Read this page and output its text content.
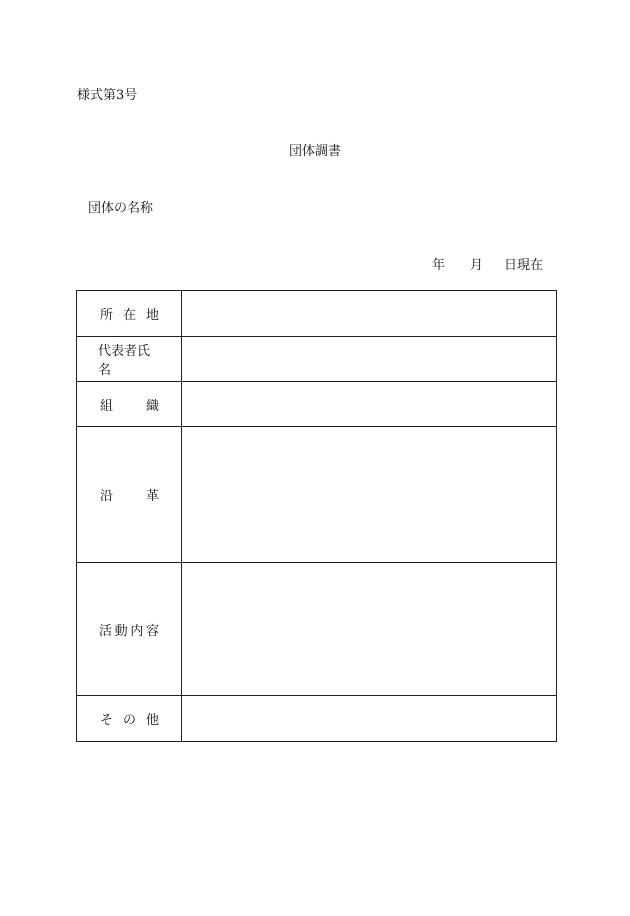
様式第3号
団体調書
団体の名称
年	月	日現在
所 在 地	

代表者氏名	

組 織	

沿 革	

活 動 内 容	

そ の 他	
